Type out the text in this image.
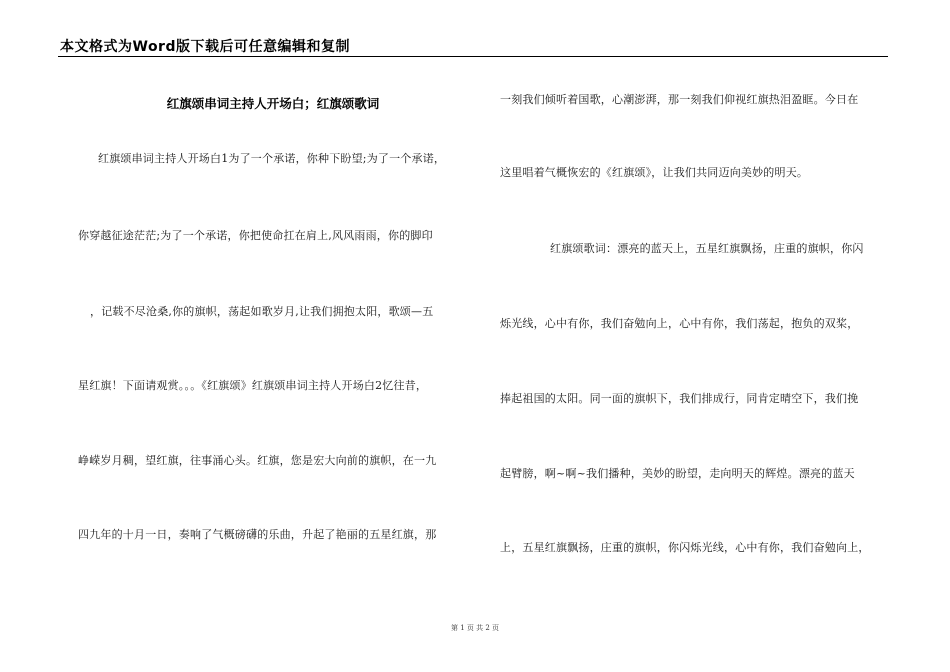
本文格式为Word版下载后可任意编辑和复制
红旗颂串词主持人开场白；红旗颂歌词
红旗颂串词主持人开场白1为了一个承诺，你种下盼望;为了一个承诺，
你穿越征途茫茫;为了一个承诺，你把使命扛在肩上,风风雨雨，你的脚印
，记载不尽沧桑,你的旗帜，荡起如歌岁月,让我们拥抱太阳，歌颂—五
星红旗！下面请观赏。。。《红旗颂》红旗颂串词主持人开场白2忆往昔，
峥嵘岁月稠，望红旗，往事涌心头。红旗，您是宏大向前的旗帜，在一九
四九年的十月一日，奏响了气概磅礴的乐曲，升起了艳丽的五星红旗，那
一刻我们倾听着国歌，心潮澎湃，那一刻我们仰视红旗热泪盈眶。今日在
这里唱着气概恢宏的《红旗颂》，让我们共同迈向美妙的明天。
红旗颂歌词：漂亮的蓝天上，五星红旗飘扬，庄重的旗帜，你闪
烁光线，心中有你，我们奋勉向上，心中有你，我们荡起，抱负的双桨，
捧起祖国的太阳。同一面的旗帜下，我们排成行，同肯定晴空下，我们挽
起臂膀，啊~啊~我们播种，美妙的盼望，走向明天的辉煌。漂亮的蓝天
上，五星红旗飘扬，庄重的旗帜，你闪烁光线，心中有你，我们奋勉向上，
第 1 页 共 2 页
